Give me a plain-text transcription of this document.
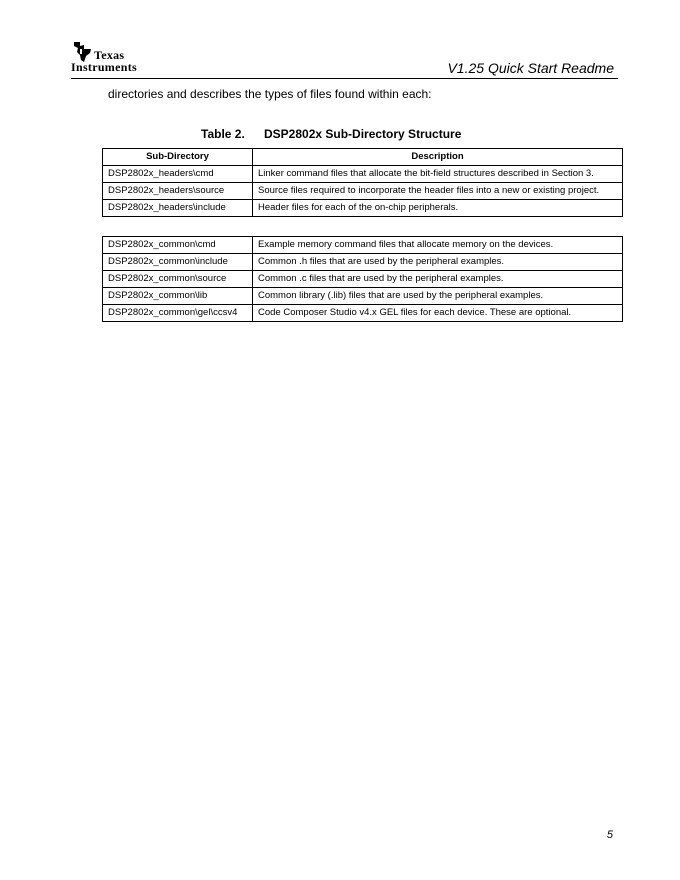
Texas
Instruments	V1.25 Quick Start Readme
directories and describes the types of files found within each:
Table 2. DSP2802x Sub-Directory Structure
Sub-Directory	Description
DSP2802x_headers\cmd	Linker command files that allocate the bit-field structures described in Section 3.
DSP2802x_headers\source	Source files required to incorporate the header files into a new or existing project.
DSP2802x_headers\include	Header files for each of the on-chip peripherals.
DSP2802x_common\cmd	Example memory command files that allocate memory on the devices.
DSP2802x_common\include	Common .h files that are used by the peripheral examples.
DSP2802x_common\source	Common .c files that are used by the peripheral examples.
DSP2802x_common\lib	Common library (.lib) files that are used by the peripheral examples.
DSP2802x_common\gel\ccsv4	Code Composer Studio v4.x GEL files for each device. These are optional.
5
